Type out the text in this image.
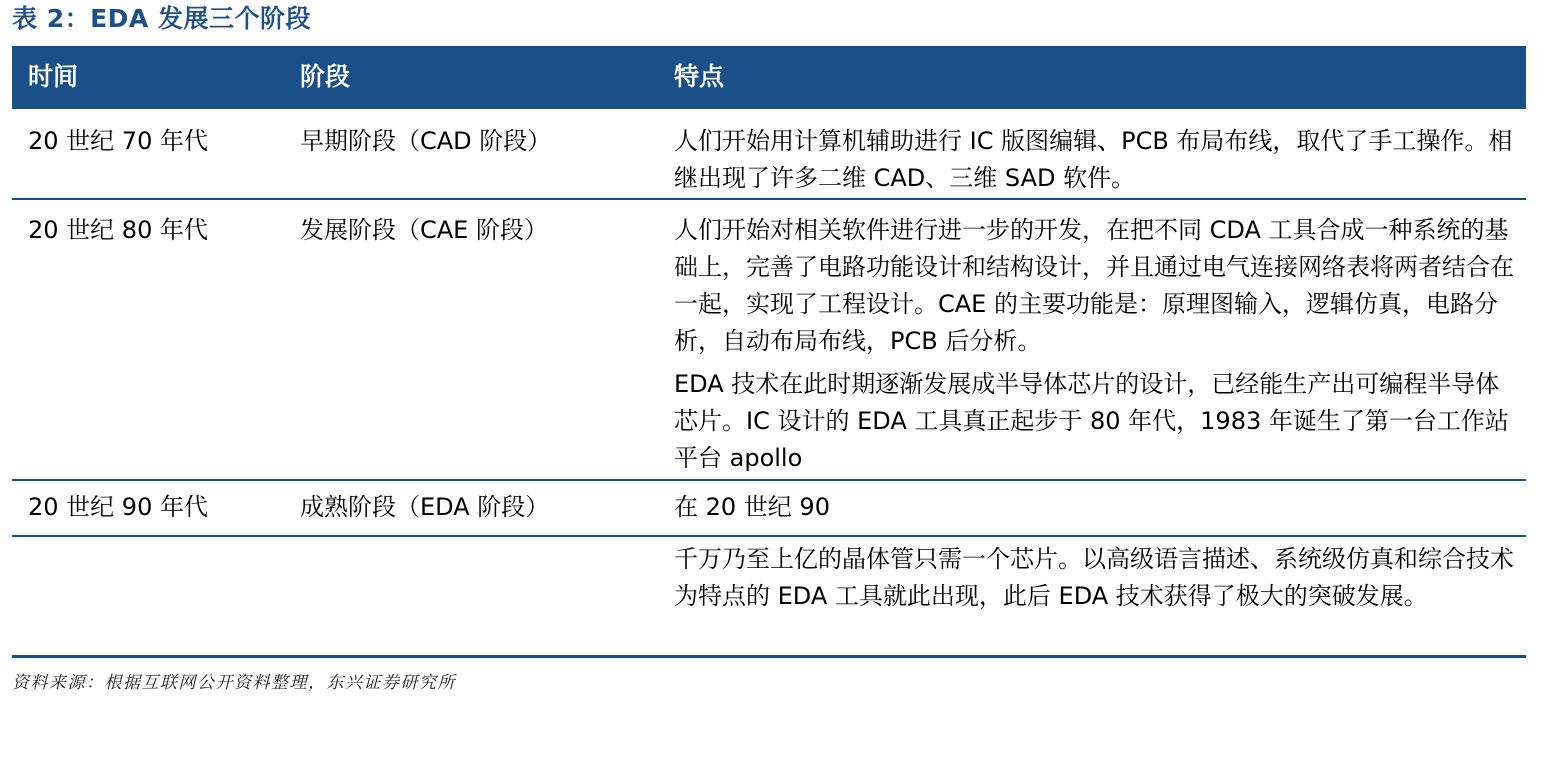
表 2：EDA 发展三个阶段
时间	阶段	特点
20 世纪 70 年代	早期阶段（CAD 阶段）	人们开始用计算机辅助进行 IC 版图编辑、PCB 布局布线，取代了手工操作。相继出现了许多二维 CAD、三维 SAD 软件。
20 世纪 80 年代	发展阶段（CAE 阶段）	人们开始对相关软件进行进一步的开发，在把不同 CDA 工具合成一种系统的基础上，完善了电路功能设计和结构设计，并且通过电气连接网络表将两者结合在一起，实现了工程设计。CAE 的主要功能是：原理图输入，逻辑仿真，电路分析，自动布局布线，PCB 后分析。
EDA 技术在此时期逐渐发展成半导体芯片的设计，已经能生产出可编程半导体芯片。IC 设计的 EDA 工具真正起步于 80 年代，1983 年诞生了第一台工作站平台 apollo
20 世纪 90 年代	成熟阶段（EDA 阶段）	在 20 世纪 90
千万乃至上亿的晶体管只需一个芯片。以高级语言描述、系统级仿真和综合技术为特点的 EDA 工具就此出现，此后 EDA 技术获得了极大的突破发展。
资料来源：根据互联网公开资料整理，东兴证券研究所
